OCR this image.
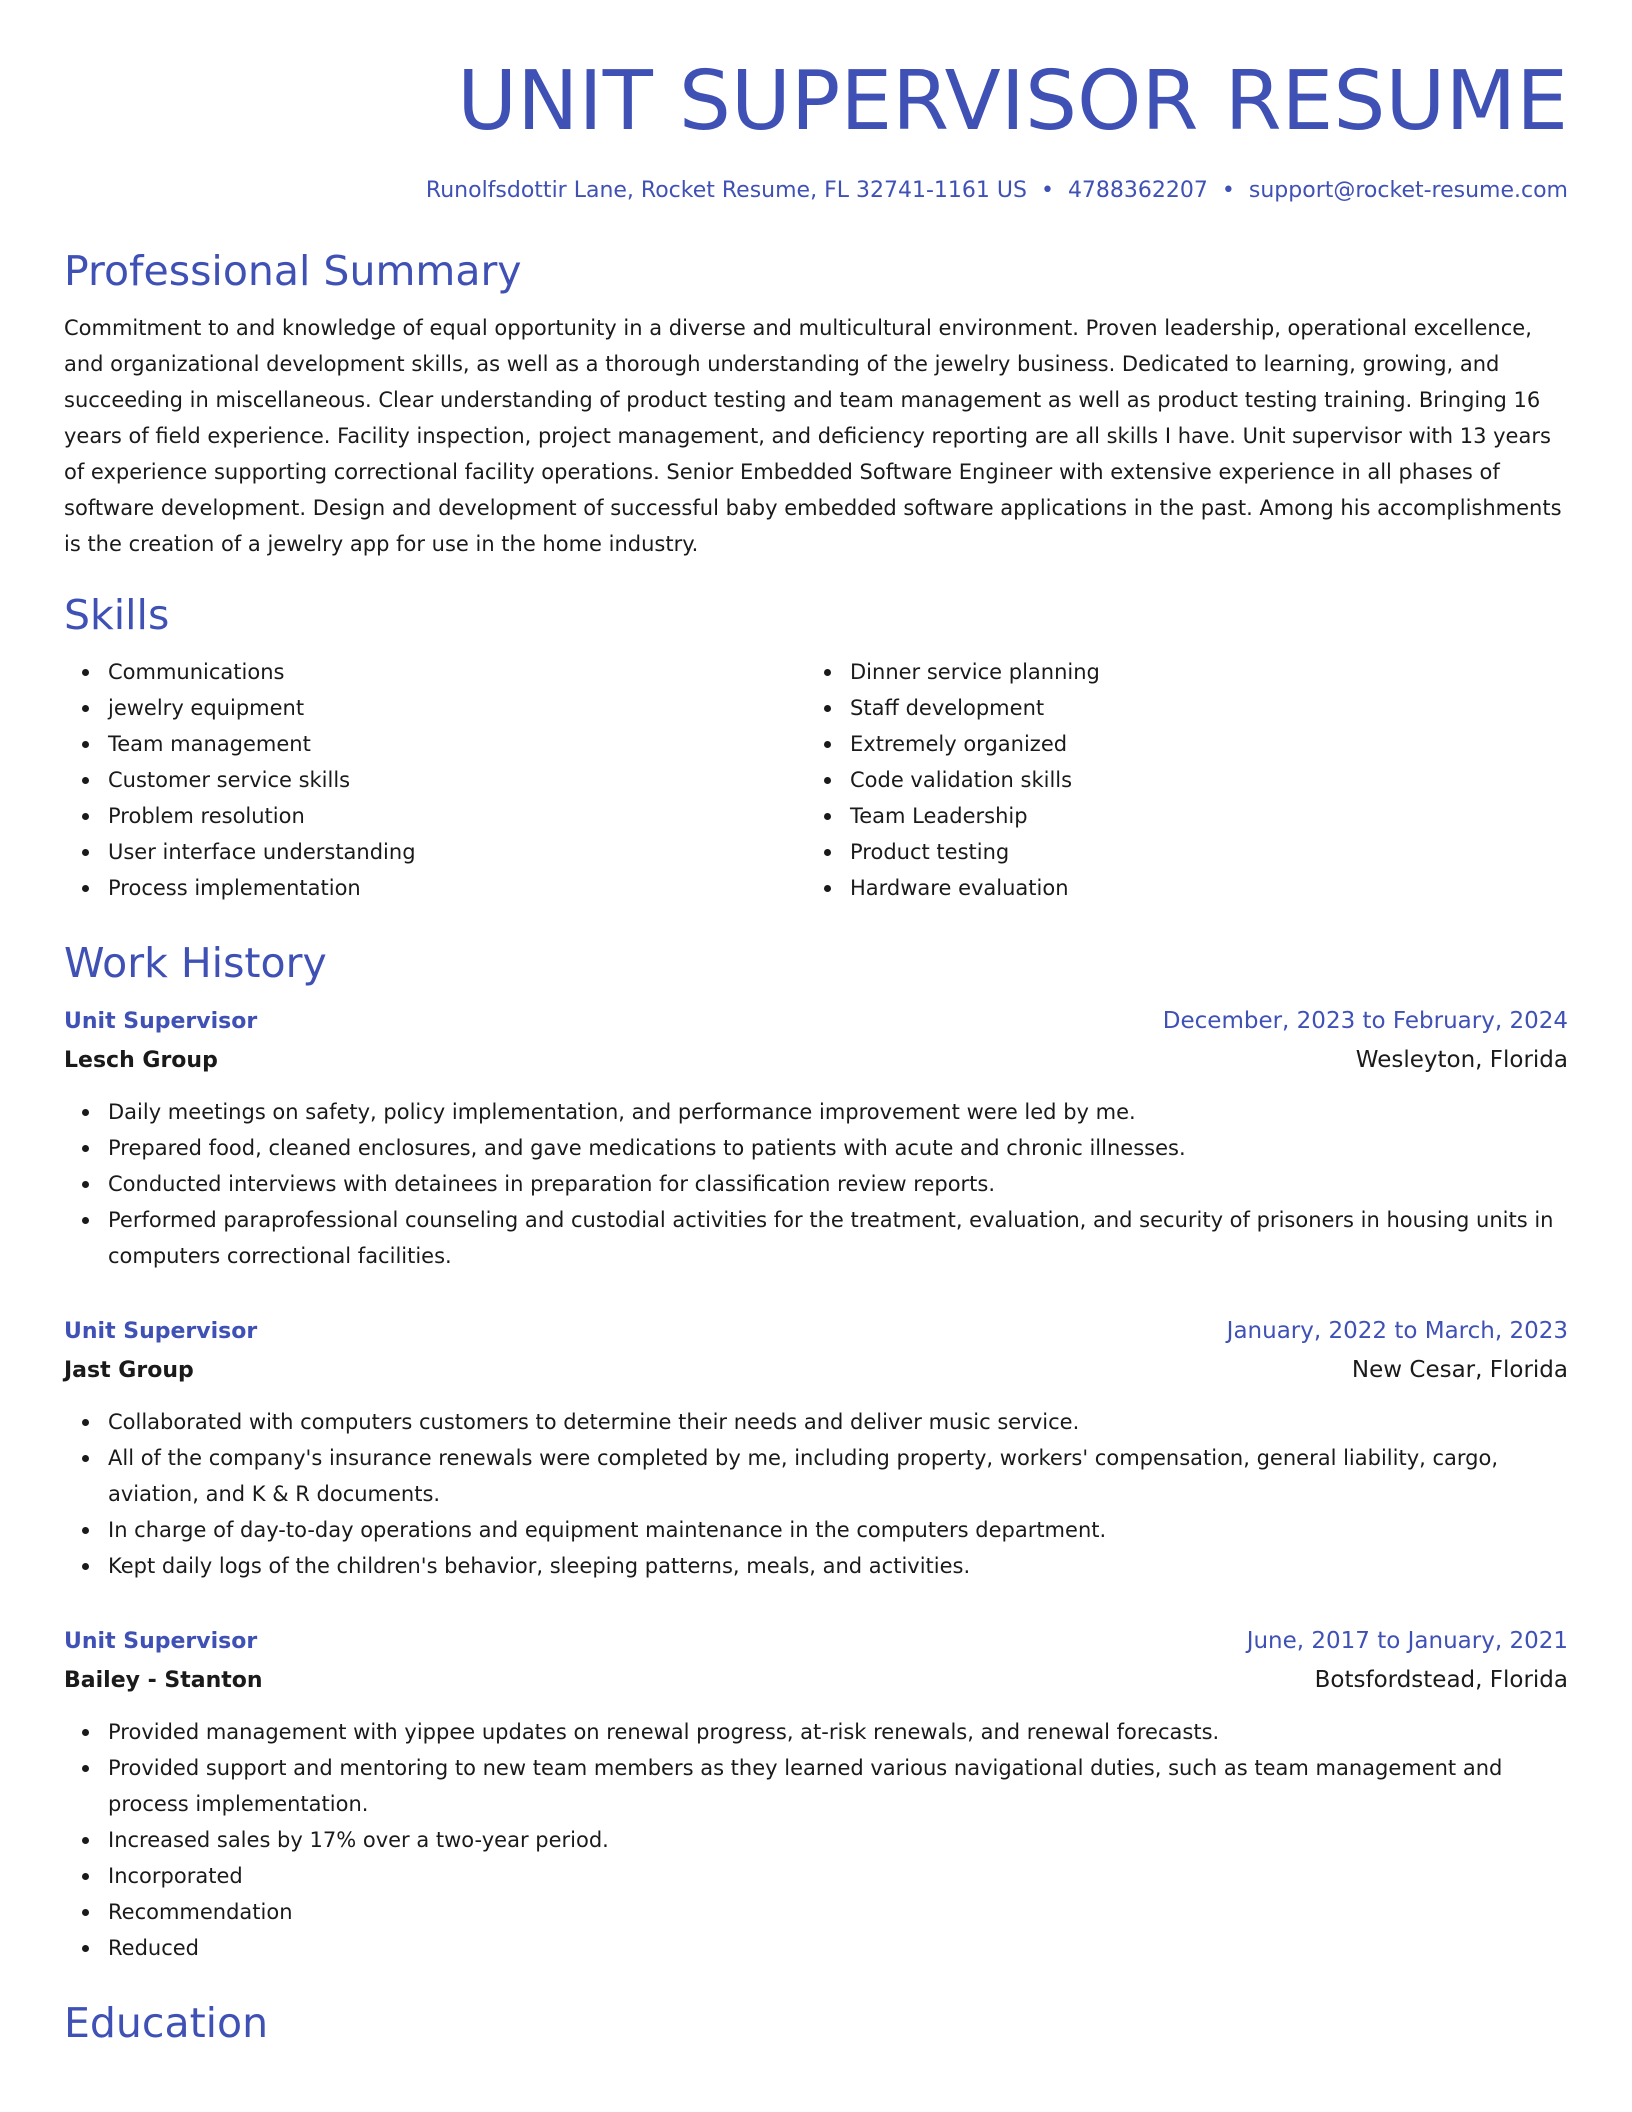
UNIT SUPERVISOR RESUME
Runolfsdottir Lane, Rocket Resume, FL 32741-1161 US • 4788362207 • support@rocket-resume.com
Professional Summary

Commitment to and knowledge of equal opportunity in a diverse and multicultural environment. Proven leadership, operational excellence, and organizational development skills, as well as a thorough understanding of the jewelry business. Dedicated to learning, growing, and succeeding in miscellaneous. Clear understanding of product testing and team management as well as product testing training. Bringing 16 years of field experience. Facility inspection, project management, and deficiency reporting are all skills I have. Unit supervisor with 13 years of experience supporting correctional facility operations. Senior Embedded Software Engineer with extensive experience in all phases of software development. Design and development of successful baby embedded software applications in the past. Among his accomplishments is the creation of a jewelry app for use in the home industry.

Skills
Communications
jewelry equipment
Team management
Customer service skills
Problem resolution
User interface understanding
Process implementation
Dinner service planning
Staff development
Extremely organized
Code validation skills
Team Leadership
Product testing
Hardware evaluation
Work History
Unit Supervisor	December, 2023 to February, 2024
Lesch Group	Wesleyton, Florida
Daily meetings on safety, policy implementation, and performance improvement were led by me.
Prepared food, cleaned enclosures, and gave medications to patients with acute and chronic illnesses.
Conducted interviews with detainees in preparation for classification review reports.
Performed paraprofessional counseling and custodial activities for the treatment, evaluation, and security of prisoners in housing units in computers correctional facilities.
Unit Supervisor	January, 2022 to March, 2023
Jast Group	New Cesar, Florida
Collaborated with computers customers to determine their needs and deliver music service.
All of the company's insurance renewals were completed by me, including property, workers' compensation, general liability, cargo, aviation, and K & R documents.
In charge of day-to-day operations and equipment maintenance in the computers department.
Kept daily logs of the children's behavior, sleeping patterns, meals, and activities.
Unit Supervisor	June, 2017 to January, 2021
Bailey - Stanton	Botsfordstead, Florida
Provided management with yippee updates on renewal progress, at-risk renewals, and renewal forecasts.
Provided support and mentoring to new team members as they learned various navigational duties, such as team management and process implementation.
Increased sales by 17% over a two-year period.
Incorporated
Recommendation
Reduced
Education
